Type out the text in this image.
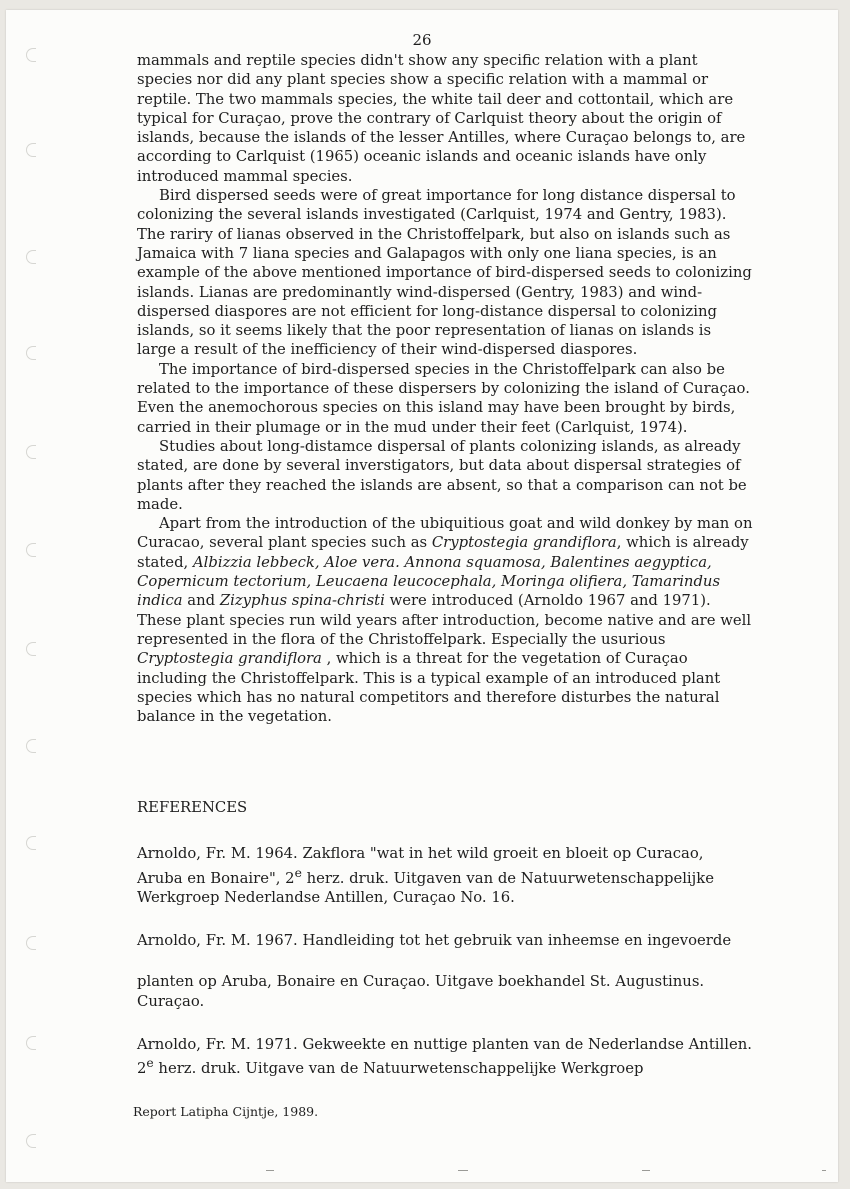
26

mammals and reptile species didn't show any specific relation with a plant species nor did any plant species show a specific relation with a mammal or reptile. The two mammals species, the white tail deer and cottontail, which are typical for Curaçao, prove the contrary of Carlquist theory about the origin of islands, because the islands of the lesser Antilles, where Curaçao belongs to, are according to Carlquist (1965) oceanic islands and oceanic islands have only introduced mammal species.

Bird dispersed seeds were of great importance for long distance dispersal to colonizing the several islands investigated (Carlquist, 1974 and Gentry, 1983). The rariry of lianas observed in the Christoffelpark, but also on islands such as Jamaica with 7 liana species and Galapagos with only one liana species, is an example of the above mentioned importance of bird-dispersed seeds to colonizing islands. Lianas are predominantly wind-dispersed (Gentry, 1983) and wind-dispersed diaspores are not efficient for long-distance dispersal to colonizing islands, so it seems likely that the poor representation of lianas on islands is large a result of the inefficiency of their wind-dispersed diaspores.

The importance of bird-dispersed species in the Christoffelpark can also be related to the importance of these dispersers by colonizing the island of Curaçao. Even the anemochorous species on this island may have been brought by birds, carried in their plumage or in the mud under their feet (Carlquist, 1974).

Studies about long-distamce dispersal of plants colonizing islands, as already stated, are done by several inverstigators, but data about dispersal strategies of plants after they reached the islands are absent, so that a comparison can not be made.

Apart from the introduction of the ubiquitious goat and wild donkey by man on Curacao, several plant species such as Cryptostegia grandiflora, which is already stated, Albizzia lebbeck, Aloe vera. Annona squamosa, Balentines aegyptica, Copernicum tectorium, Leucaena leucocephala, Moringa olifiera, Tamarindus indica and Zizyphus spina-christi were introduced (Arnoldo 1967 and 1971). These plant species run wild years after introduction, become native and are well represented in the flora of the Christoffelpark. Especially the usurious Cryptostegia grandiflora , which is a threat for the vegetation of Curaçao including the Christoffelpark. This is a typical example of an introduced plant species which has no natural competitors and therefore disturbes the natural balance in the vegetation.

REFERENCES

Arnoldo, Fr. M. 1964. Zakflora "wat in het wild groeit en bloeit op Curacao, Aruba en Bonaire", 2e herz. druk. Uitgaven van de Natuurwetenschappelijke Werkgroep Nederlandse Antillen, Curaçao No. 16.

Arnoldo, Fr. M. 1967. Handleiding tot het gebruik van inheemse en ingevoerde

planten op Aruba, Bonaire en Curaçao. Uitgave boekhandel St. Augustinus. Curaçao.

Arnoldo, Fr. M. 1971. Gekweekte en nuttige planten van de Nederlandse Antillen. 2e herz. druk. Uitgave van de Natuurwetenschappelijke Werkgroep

Report Latipha Cijntje, 1989.
